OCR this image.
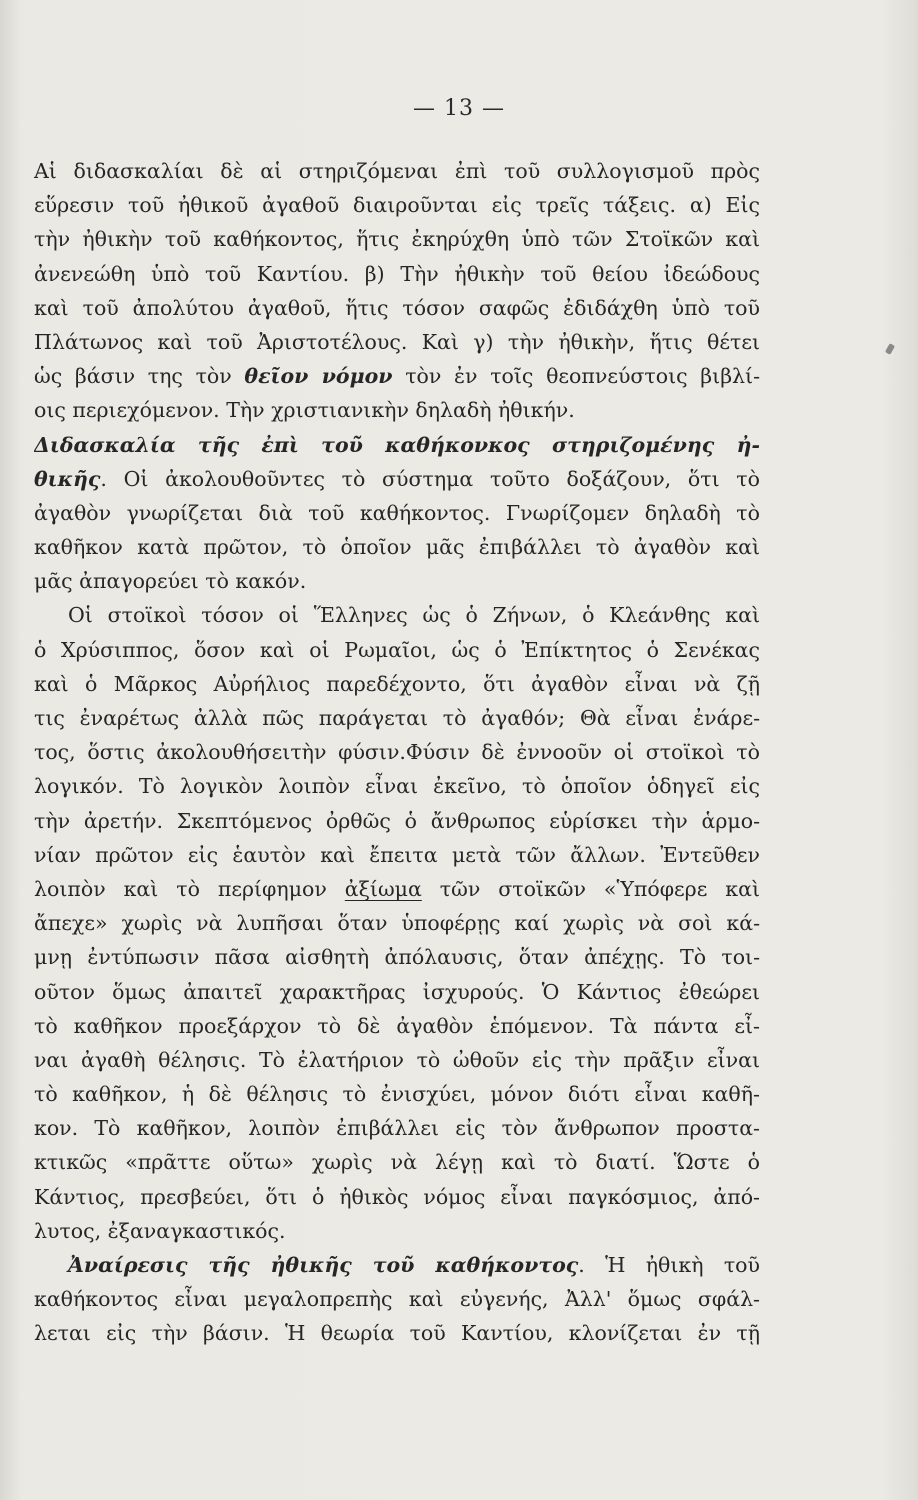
— 13 —
Αἱ διδασκαλίαι δὲ αἱ στηριζόμεναι ἐπὶ τοῦ συλλογισμοῦ πρὸς
εὕρεσιν τοῦ ἠθικοῦ ἀγαθοῦ διαιροῦνται εἰς τρεῖς τάξεις. α) Εἰς
τὴν ἠθικὴν τοῦ καθήκοντος, ἥτις ἐκηρύχθη ὑπὸ τῶν Στοϊκῶν καὶ
ἀνενεώθη ὑπὸ τοῦ Καντίου. β) Τὴν ἠθικὴν τοῦ θείου ἰδεώδους
καὶ τοῦ ἀπολύτου ἀγαθοῦ, ἥτις τόσον σαφῶς ἐδιδάχθη ὑπὸ τοῦ
Πλάτωνος καὶ τοῦ Ἀριστοτέλους. Καὶ γ) τὴν ἠθικὴν, ἥτις θέτει
ὡς βάσιν της τὸν θεῖον νόμον τὸν ἐν τοῖς θεοπνεύστοις βιβλί-
οις περιεχόμενον. Τὴν χριστιανικὴν δηλαδὴ ἠθικήν.
Διδασκαλία τῆς ἐπὶ τοῦ καθήκονκος στηριζομένης ἠ-
θικῆς. Οἱ ἀκολουθοῦντες τὸ σύστημα τοῦτο δοξάζουν, ὅτι τὸ
ἀγαθὸν γνωρίζεται διὰ τοῦ καθήκοντος. Γνωρίζομεν δηλαδὴ τὸ
καθῆκον κατὰ πρῶτον, τὸ ὁποῖον μᾶς ἐπιβάλλει τὸ ἀγαθὸν καὶ
μᾶς ἀπαγορεύει τὸ κακόν.
Οἱ στοϊκοὶ τόσον οἱ Ἕλληνες ὡς ὁ Ζήνων, ὁ Κλεάνθης καὶ
ὁ Χρύσιππος, ὅσον καὶ οἱ Ρωμαῖοι, ὡς ὁ Ἐπίκτητος ὁ Σενέκας
καὶ ὁ Μᾶρκος Αὐρήλιος παρεδέχοντο, ὅτι ἀγαθὸν εἶναι νὰ ζῇ
τις ἐναρέτως ἀλλὰ πῶς παράγεται τὸ ἀγαθόν; Θὰ εἶναι ἐνάρε-
τος, ὅστις ἀκολουθήσειτὴν φύσιν.Φύσιν δὲ ἐννοοῦν οἱ στοϊκοὶ τὸ
λογικόν. Τὸ λογικὸν λοιπὸν εἶναι ἐκεῖνο, τὸ ὁποῖον ὁδηγεῖ εἰς
τὴν ἀρετήν. Σκεπτόμενος ὀρθῶς ὁ ἄνθρωπος εὑρίσκει τὴν ἁρμο-
νίαν πρῶτον εἰς ἑαυτὸν καὶ ἔπειτα μετὰ τῶν ἄλλων. Ἐντεῦθεν
λοιπὸν καὶ τὸ περίφημον ἀξίωμα τῶν στοϊκῶν «Ὑπόφερε καὶ
ἄπεχε» χωρὶς νὰ λυπῆσαι ὅταν ὑποφέρῃς καί χωρὶς νὰ σοὶ κά-
μνῃ ἐντύπωσιν πᾶσα αἰσθητὴ ἀπόλαυσις, ὅταν ἀπέχῃς. Τὸ τοι-
οῦτον ὅμως ἀπαιτεῖ χαρακτῆρας ἰσχυρούς. Ὁ Κάντιος ἐθεώρει
τὸ καθῆκον προεξάρχον τὸ δὲ ἀγαθὸν ἑπόμενον. Τὰ πάντα εἶ-
ναι ἀγαθὴ θέλησις. Τὸ ἐλατήριον τὸ ὠθοῦν εἰς τὴν πρᾶξιν εἶναι
τὸ καθῆκον, ἡ δὲ θέλησις τὸ ἐνισχύει, μόνον διότι εἶναι καθῆ-
κον. Τὸ καθῆκον, λοιπὸν ἐπιβάλλει εἰς τὸν ἄνθρωπον προστα-
κτικῶς «πρᾶττε οὕτω» χωρὶς νὰ λέγῃ καὶ τὸ διατί. Ὥστε ὁ
Κάντιος, πρεσβεύει, ὅτι ὁ ἠθικὸς νόμος εἶναι παγκόσμιος, ἀπό-
λυτος, ἐξαναγκαστικός.
Ἀναίρεσις τῆς ἠθικῆς τοῦ καθήκοντος. Ἡ ἠθικὴ τοῦ
καθήκοντος εἶναι μεγαλοπρεπὴς καὶ εὐγενής, Ἀλλ' ὅμως σφάλ-
λεται εἰς τὴν βάσιν. Ἡ θεωρία τοῦ Καντίου, κλονίζεται ἐν τῇ
